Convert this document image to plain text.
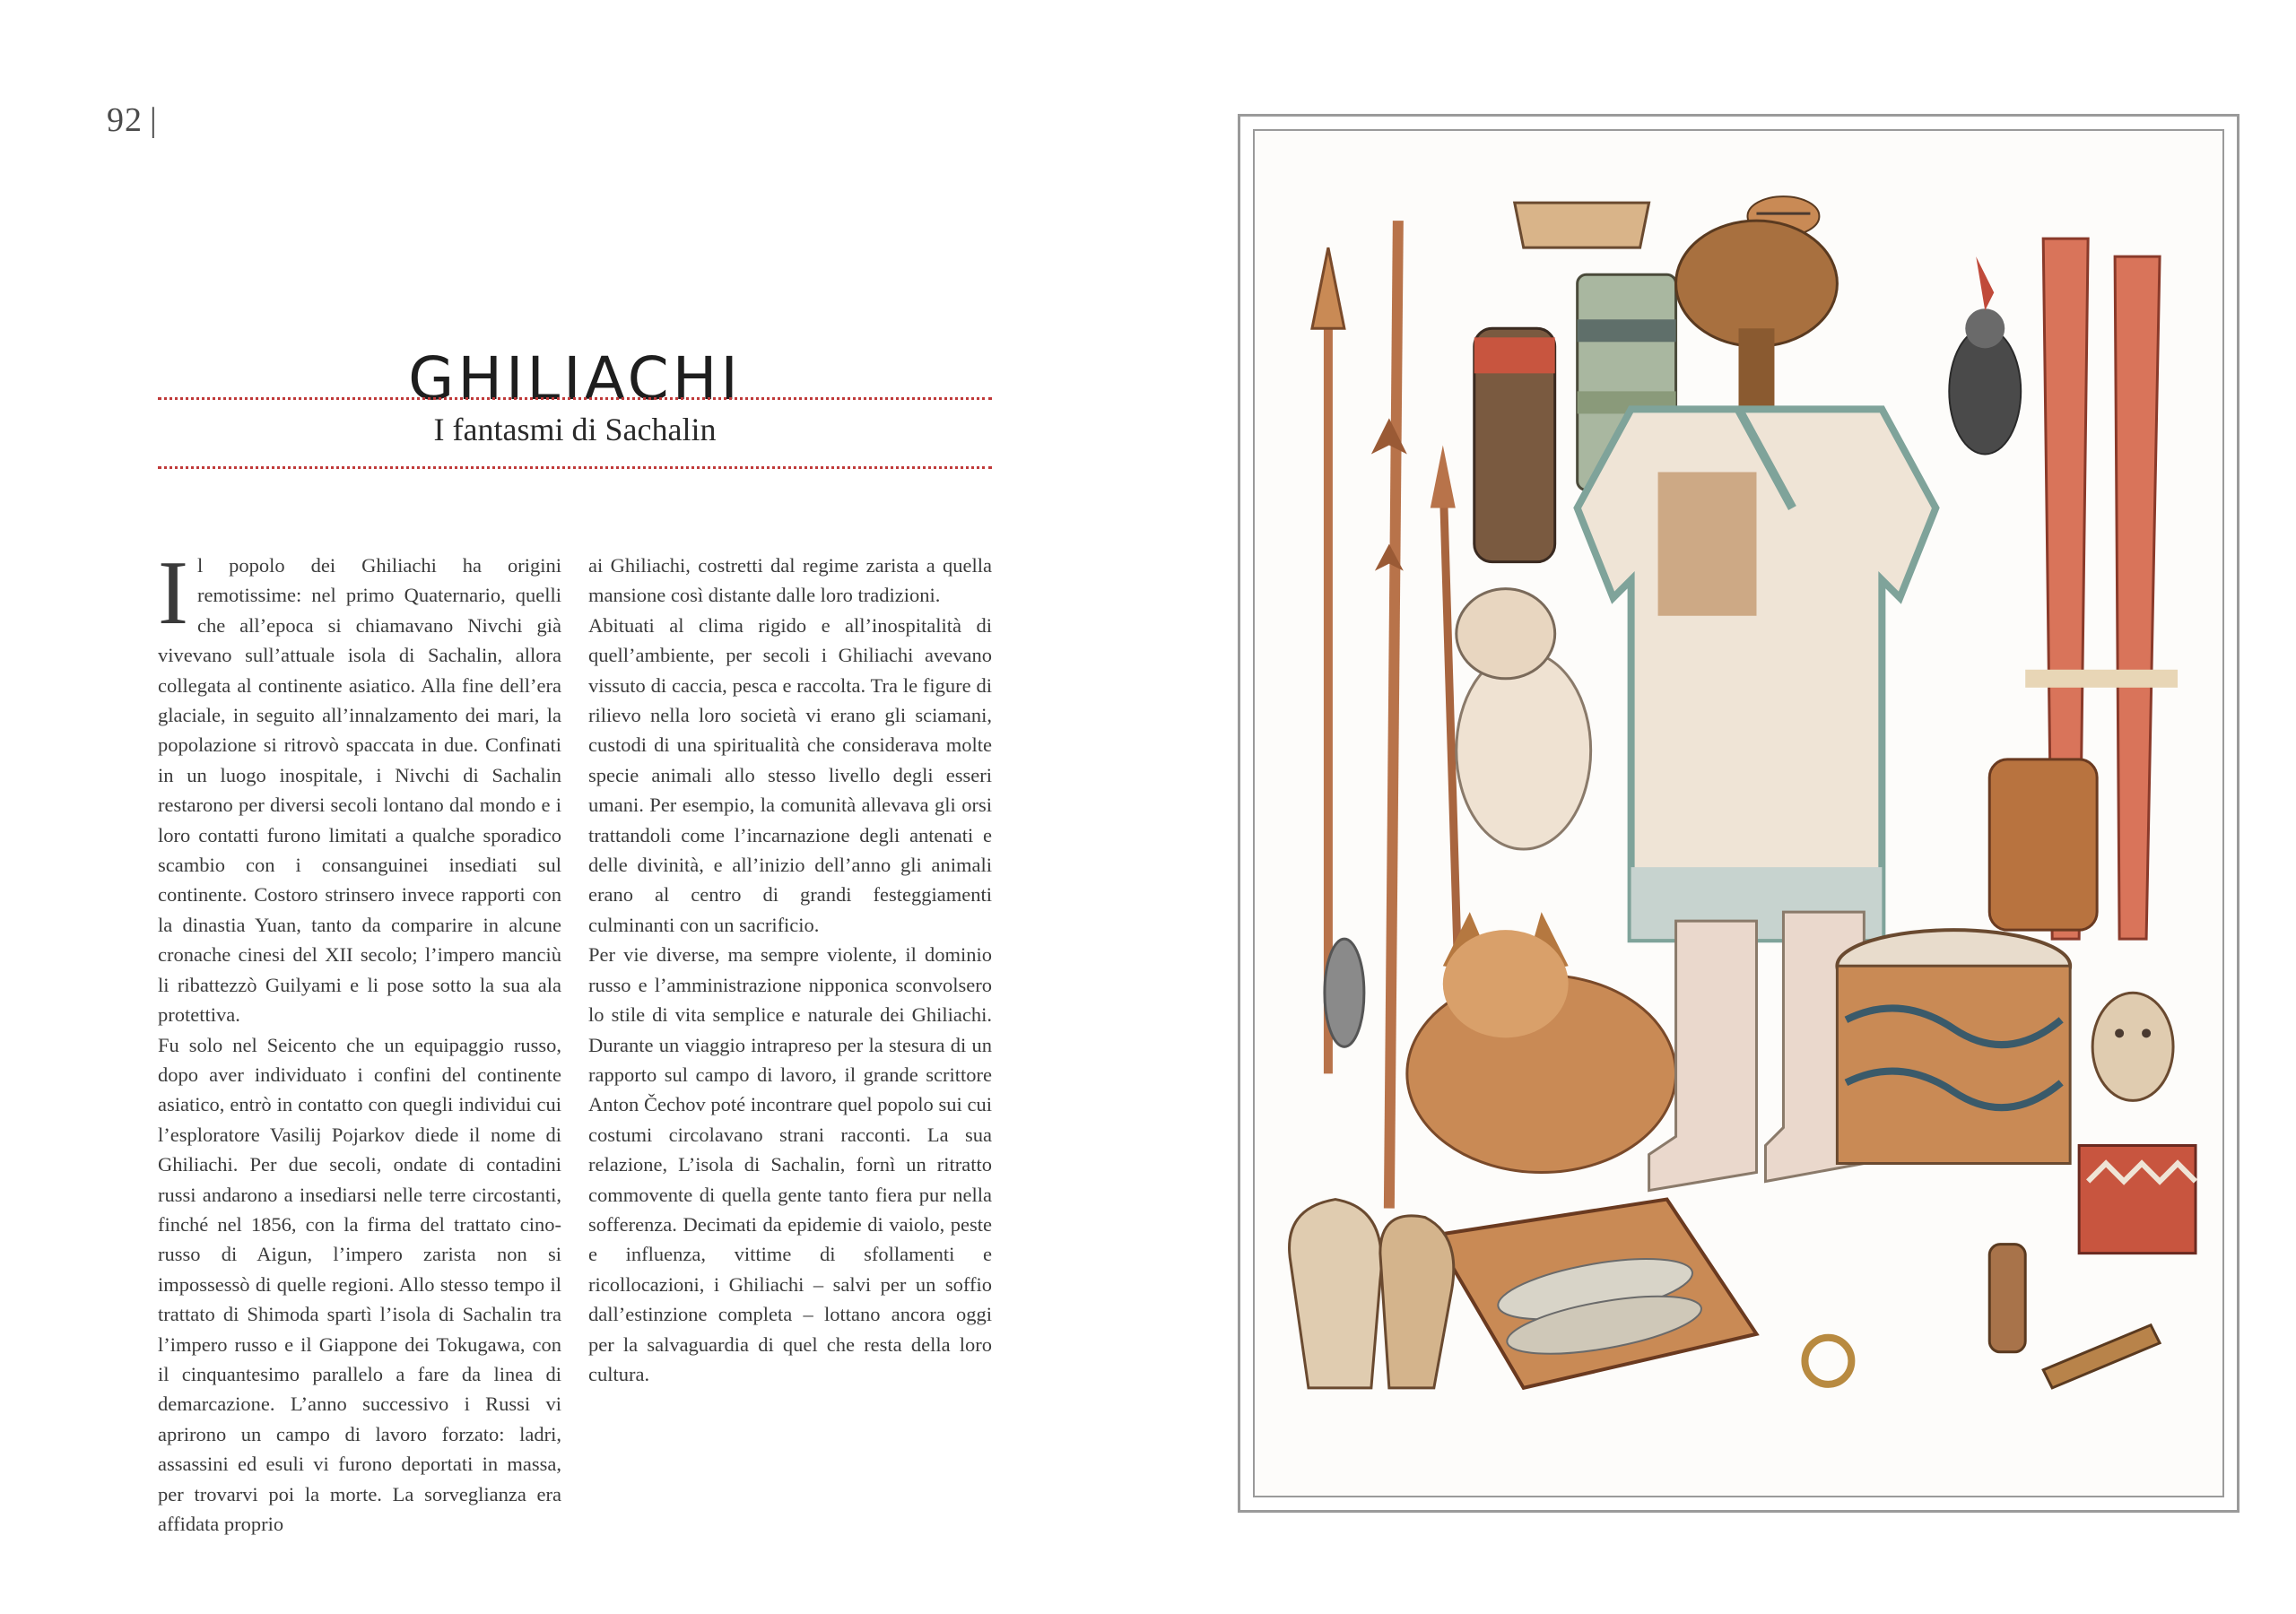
92 |
GHILIACHI
I fantasmi di Sachalin

Il popolo dei Ghiliachi ha origini remotissime: nel primo Quaternario, quelli che all’epoca si chiamavano Nivchi già vivevano sull’attuale isola di Sachalin, allora collegata al continente asiatico. Alla fine dell’era glaciale, in seguito all’innalzamento dei mari, la popolazione si ritrovò spaccata in due. Confinati in un luogo inospitale, i Nivchi di Sachalin restarono per diversi secoli lontano dal mondo e i loro contatti furono limitati a qualche sporadico scambio con i consanguinei insediati sul continente. Costoro strinsero invece rapporti con la dinastia Yuan, tanto da comparire in alcune cronache cinesi del XII secolo; l’impero manciù li ribattezzò Guilyami e li pose sotto la sua ala protettiva.

Fu solo nel Seicento che un equipaggio russo, dopo aver individuato i confini del continente asiatico, entrò in contatto con quegli individui cui l’esploratore Vasilij Pojarkov diede il nome di Ghiliachi. Per due secoli, ondate di contadini russi andarono a insediarsi nelle terre circostanti, finché nel 1856, con la firma del trattato cino-russo di Aigun, l’impero zarista non si impossessò di quelle regioni. Allo stesso tempo il trattato di Shimoda spartì l’isola di Sachalin tra l’impero russo e il Giappone dei Tokugawa, con il cinquantesimo parallelo a fare da linea di demarcazione. L’anno successivo i Russi vi aprirono un campo di lavoro forzato: ladri, assassini ed esuli vi furono deportati in massa, per trovarvi poi la morte. La sorveglianza era affidata proprio

ai Ghiliachi, costretti dal regime zarista a quella mansione così distante dalle loro tradizioni.

Abituati al clima rigido e all’inospitalità di quell’ambiente, per secoli i Ghiliachi avevano vissuto di caccia, pesca e raccolta. Tra le figure di rilievo nella loro società vi erano gli sciamani, custodi di una spiritualità che considerava molte specie animali allo stesso livello degli esseri umani. Per esempio, la comunità allevava gli orsi trattandoli come l’incarnazione degli antenati e delle divinità, e all’inizio dell’anno gli animali erano al centro di grandi festeggiamenti culminanti con un sacrificio.

Per vie diverse, ma sempre violente, il dominio russo e l’amministrazione nipponica sconvolsero lo stile di vita semplice e naturale dei Ghiliachi. Durante un viaggio intrapreso per la stesura di un rapporto sul campo di lavoro, il grande scrittore Anton Čechov poté incontrare quel popolo sui cui costumi circolavano strani racconti. La sua relazione, L’isola di Sachalin, fornì un ritratto commovente di quella gente tanto fiera pur nella sofferenza. Decimati da epidemie di vaiolo, peste e influenza, vittime di sfollamenti e ricollocazioni, i Ghiliachi – salvi per un soffio dall’estinzione completa – lottano ancora oggi per la salvaguardia di quel che resta della loro cultura.
